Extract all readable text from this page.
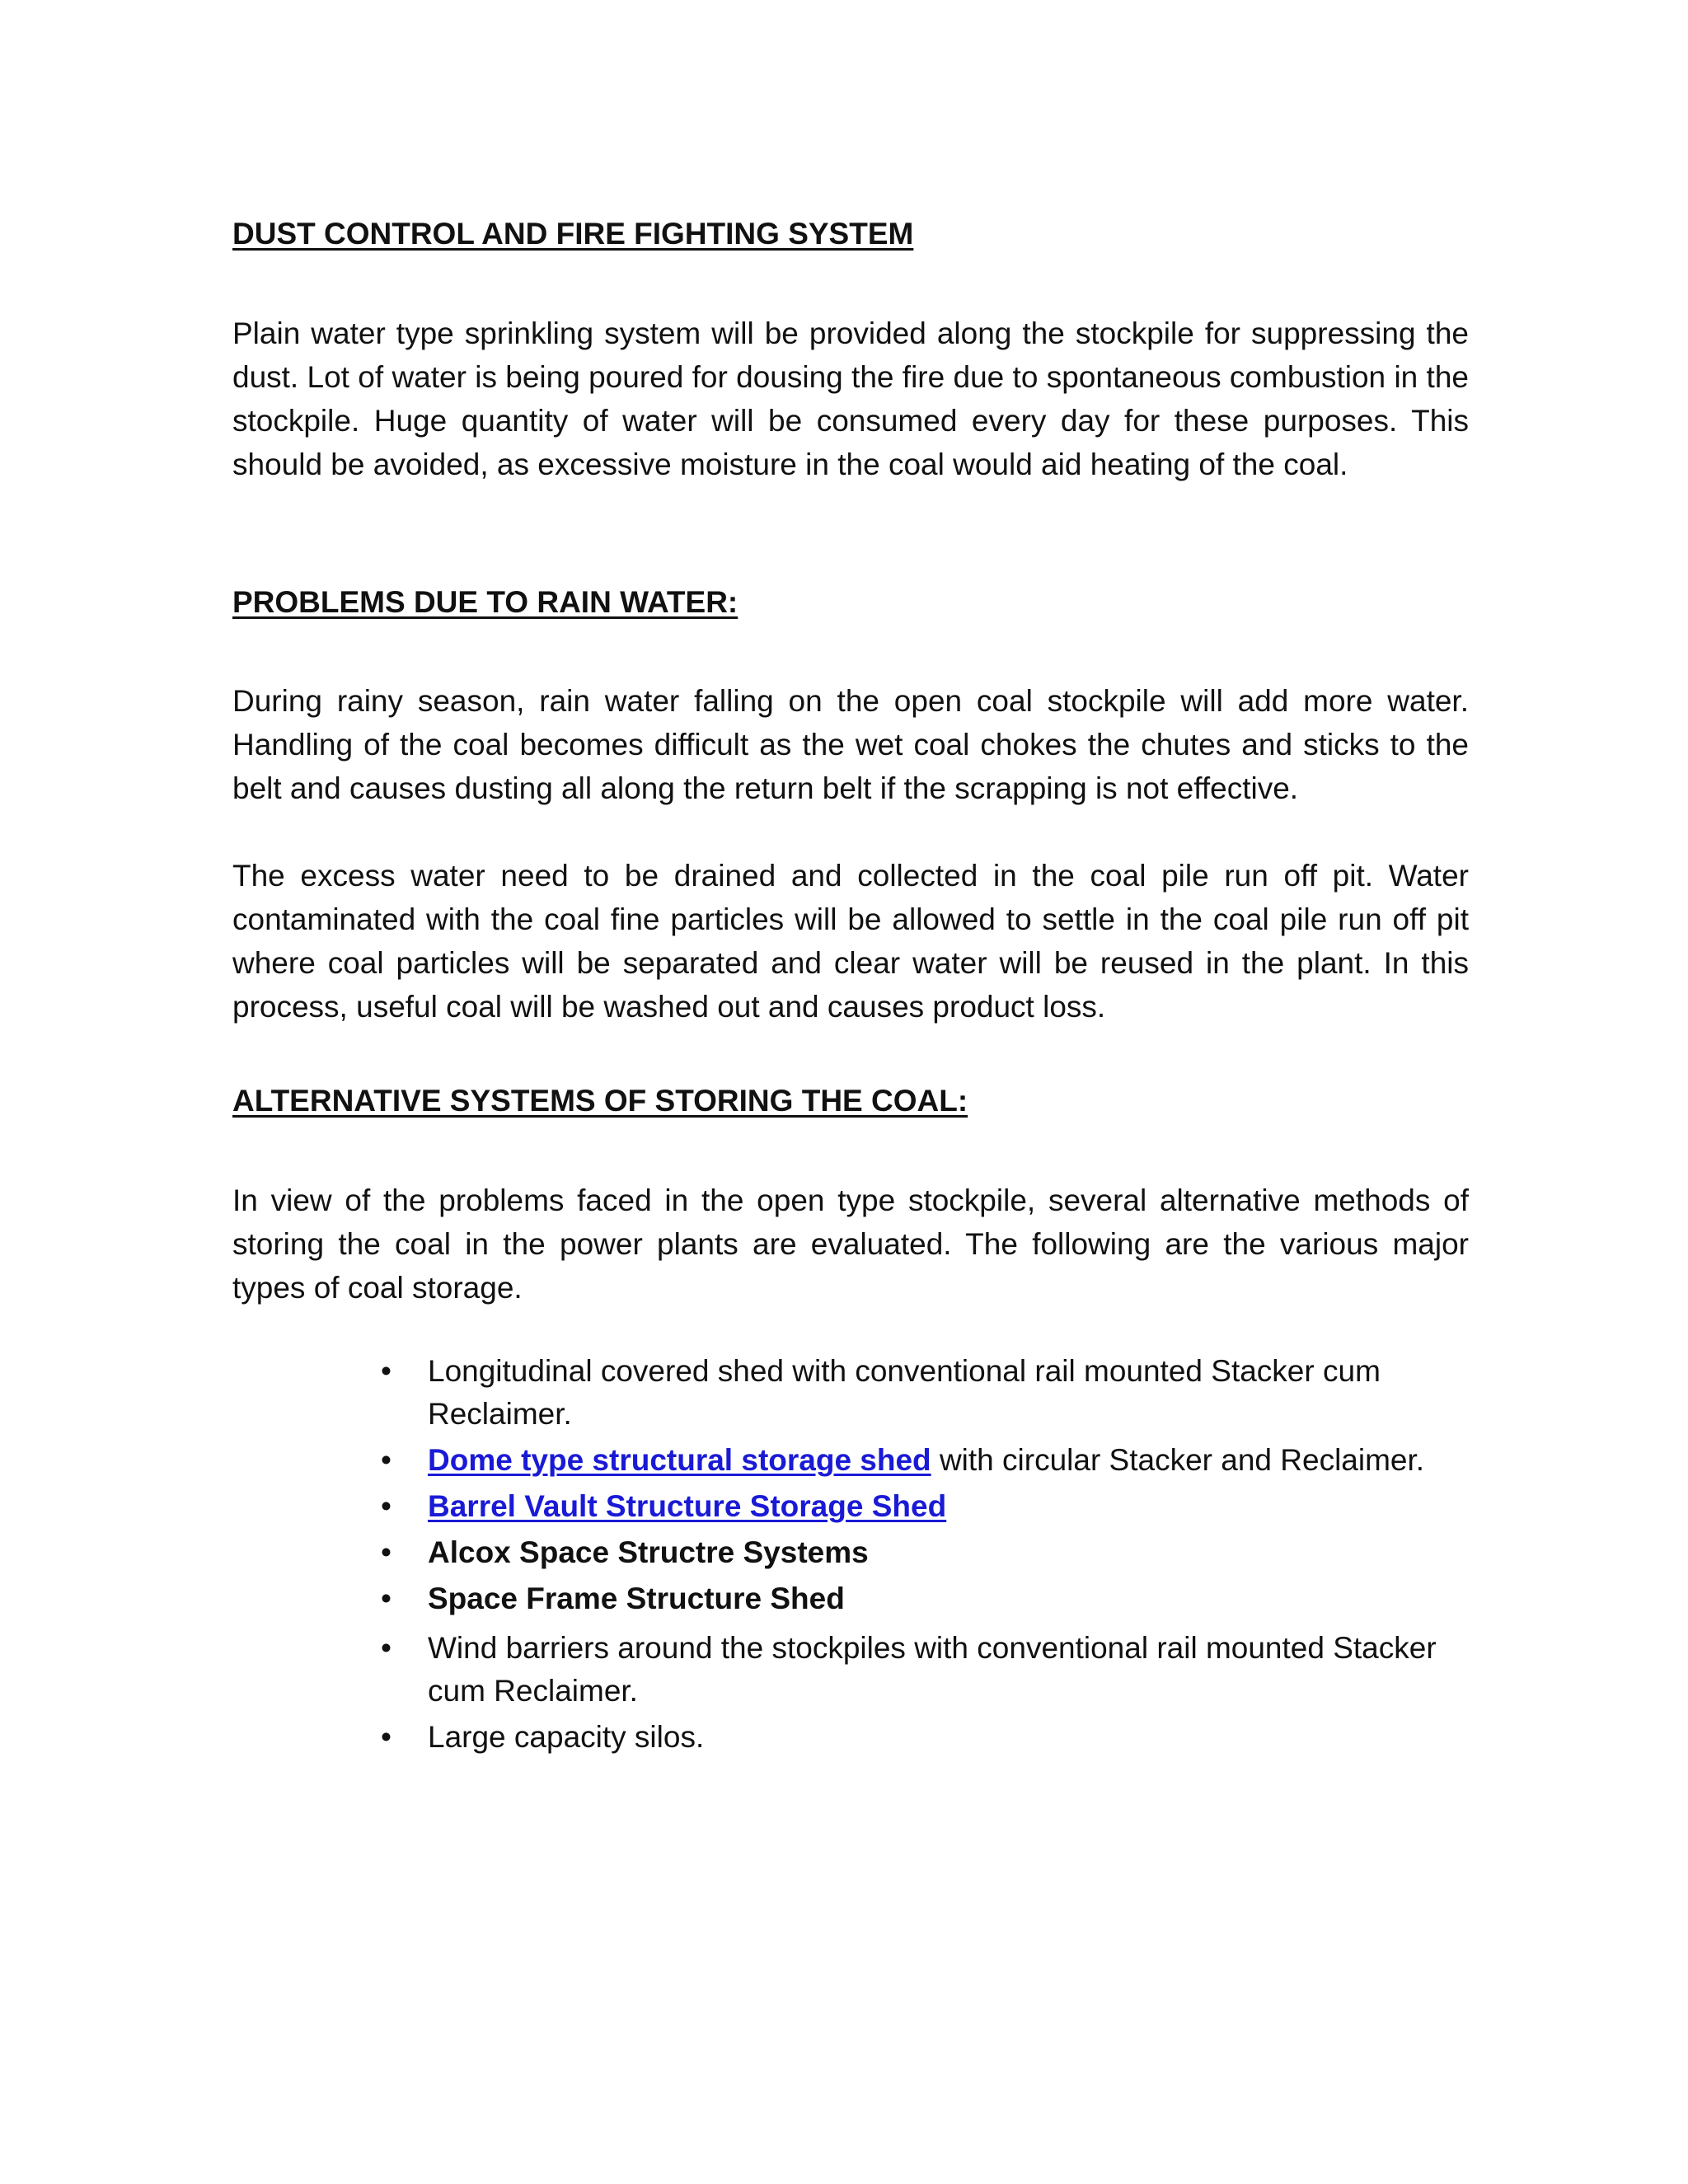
DUST CONTROL AND FIRE FIGHTING SYSTEM

Plain water type sprinkling system will be provided along the stockpile for suppressing the dust. Lot of water is being poured for dousing the fire due to spontaneous combustion in the stockpile. Huge quantity of water will be consumed every day for these purposes. This should be avoided, as excessive moisture in the coal would aid heating of the coal.

PROBLEMS DUE TO RAIN WATER:

During rainy season, rain water falling on the open coal stockpile will add more water. Handling of the coal becomes difficult as the wet coal chokes the chutes and sticks to the belt and causes dusting all along the return belt if the scrapping is not effective.

The excess water need to be drained and collected in the coal pile run off pit. Water contaminated with the coal fine particles will be allowed to settle in the coal pile run off pit where coal particles will be separated and clear water will be reused in the plant. In this process, useful coal will be washed out and causes product loss.

ALTERNATIVE SYSTEMS OF STORING THE COAL:

In view of the problems faced in the open type stockpile, several alternative methods of storing the coal in the power plants are evaluated. The following are the various major types of coal storage.

• Longitudinal covered shed with conventional rail mounted Stacker cum Reclaimer.
• Dome type structural storage shed with circular Stacker and Reclaimer.
• Barrel Vault Structure Storage Shed
• Alcox Space Structre Systems
• Space Frame Structure Shed
• Wind barriers around the stockpiles with conventional rail mounted Stacker cum Reclaimer.
• Large capacity silos.
